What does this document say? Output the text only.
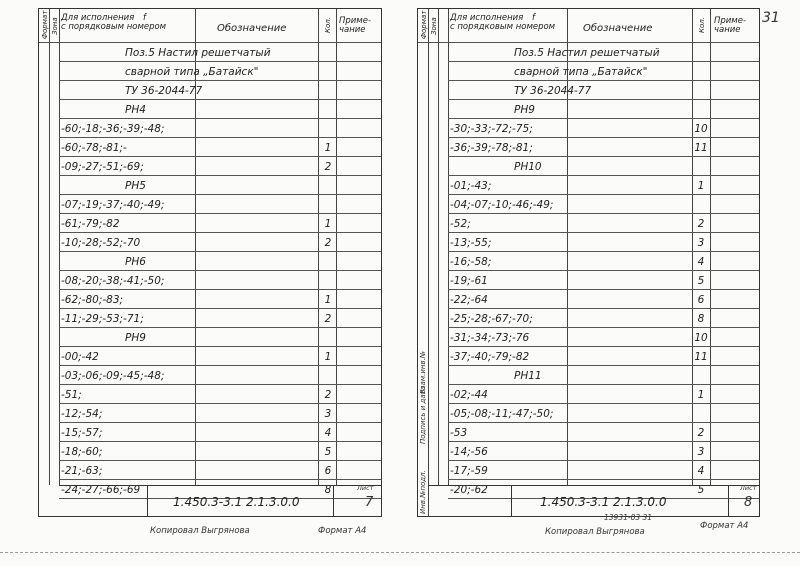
Формат Зона Для исполнения f
с порядковым номером	Обозначение	Кол. Приме-
чание
Поз.5 Настил решетчатый
сварной типа „Батайск"
ТУ 36-2044-77
РН4
-60;-18;-36;-39;-48;
-60;-78;-81;-	1
-09;-27;-51;-69;	2
РН5
-07;-19;-37;-40;-49;
-61;-79;-82	1
-10;-28;-52;-70	2
РН6
-08;-20;-38;-41;-50;
-62;-80;-83;	1
-11;-29;-53;-71;	2
РН9
-00;-42	1
-03;-06;-09;-45;-48;
-51;	2
-12;-54;	3
-15;-57;	4
-18;-60;	5
-21;-63;	6
-24;-27;-66;-69	8
1.450.3-3.1 2.1.3.0.0
Лист
7
Копировал Выгрянова	Формат А4
31
Формат Зона Для исполнения f
с порядковым номером	Обозначение	Кол. Приме-
чание
Инв.№подл.
Подпись и дата
Взам.инв.№
Поз.5 Настил решетчатый
сварной типа „Батайск"
ТУ 36-2044-77
РН9
-30;-33;-72;-75;	10
-36;-39;-78;-81;	11
РН10
-01;-43;	1
-04;-07;-10;-46;-49;
-52;	2
-13;-55;	3
-16;-58;	4
-19;-61	5
-22;-64	6
-25;-28;-67;-70;	8
-31;-34;-73;-76	10
-37;-40;-79;-82	11
РН11
-02;-44	1
-05;-08;-11;-47;-50;
-53	2
-14;-56	3
-17;-59	4
-20;-62	5
1.450.3-3.1 2.1.3.0.0
Лист
8
13931-03 31
Копировал Выгрянова
Формат А4
